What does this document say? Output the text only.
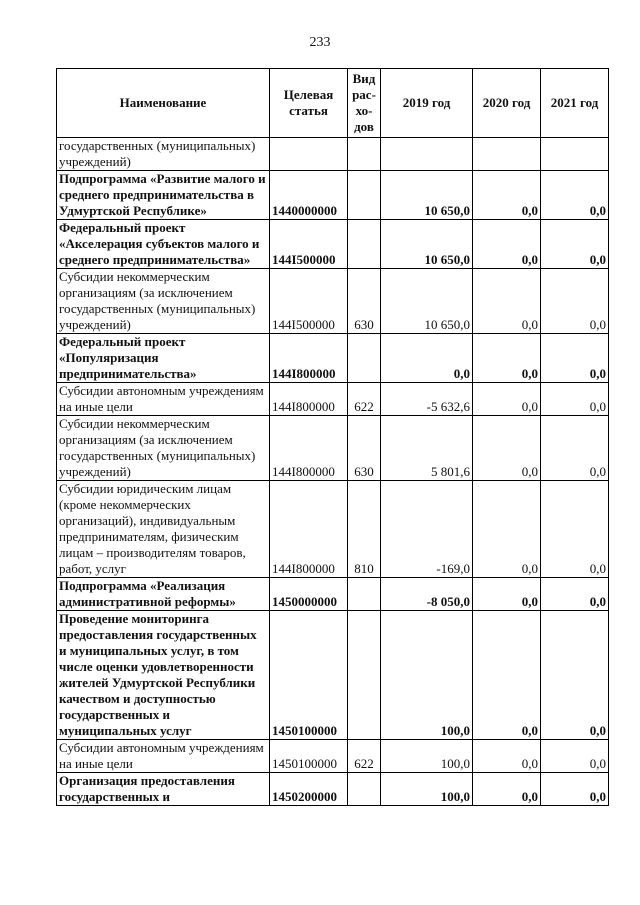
233
Наименование	Целевая статья	Вид рас-хо-дов	2019 год	2020 год	2021 год
государственных (муниципальных) учреждений)					
Подпрограмма «Развитие малого и среднего предпринимательства в Удмуртской Республике»	1440000000		10 650,0	0,0	0,0
Федеральный проект «Акселерация субъектов малого и среднего предпринимательства»	144I500000		10 650,0	0,0	0,0
Субсидии некоммерческим организациям (за исключением государственных (муниципальных) учреждений)	144I500000	630	10 650,0	0,0	0,0
Федеральный проект «Популяризация предпринимательства»	144I800000		0,0	0,0	0,0
Субсидии автономным учреждениям на иные цели	144I800000	622	-5 632,6	0,0	0,0
Субсидии некоммерческим организациям (за исключением государственных (муниципальных) учреждений)	144I800000	630	5 801,6	0,0	0,0
Субсидии юридическим лицам (кроме некоммерческих организаций), индивидуальным предпринимателям, физическим лицам – производителям товаров, работ, услуг	144I800000	810	-169,0	0,0	0,0
Подпрограмма «Реализация административной реформы»	1450000000		-8 050,0	0,0	0,0
Проведение мониторинга предоставления государственных и муниципальных услуг, в том числе оценки удовлетворенности жителей Удмуртской Республики качеством и доступностью государственных и муниципальных услуг	1450100000		100,0	0,0	0,0
Субсидии автономным учреждениям на иные цели	1450100000	622	100,0	0,0	0,0
Организация предоставления государственных и	1450200000		100,0	0,0	0,0
